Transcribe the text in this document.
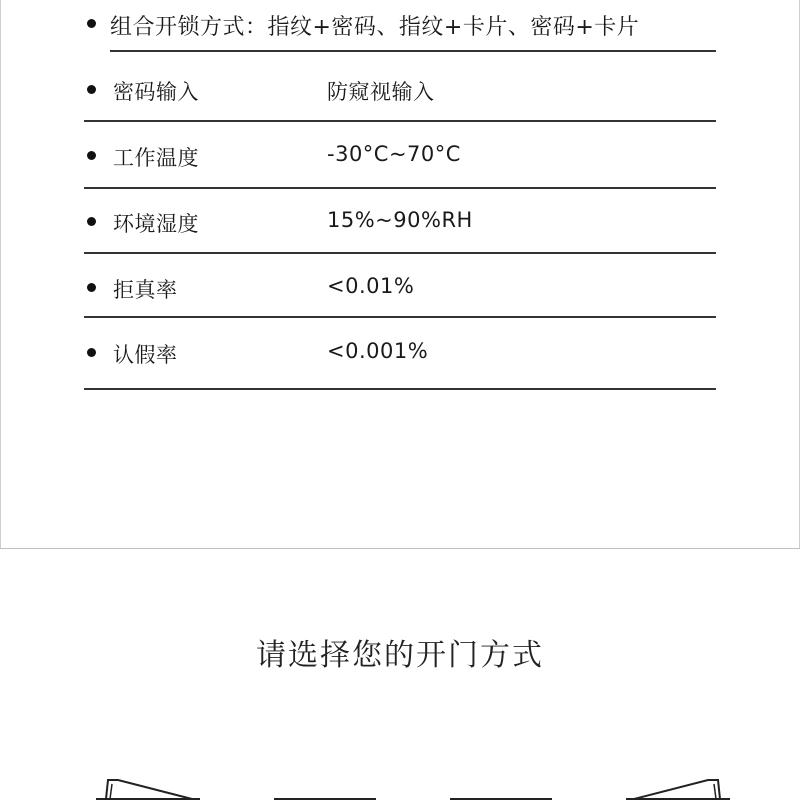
组合开锁方式：指纹+密码、指纹+卡片、密码+卡片
密码输入	防窥视输入
工作温度	-30°C~70°C
环境湿度	15%~90%RH
拒真率	<0.01%
认假率	<0.001%
请选择您的开门方式
